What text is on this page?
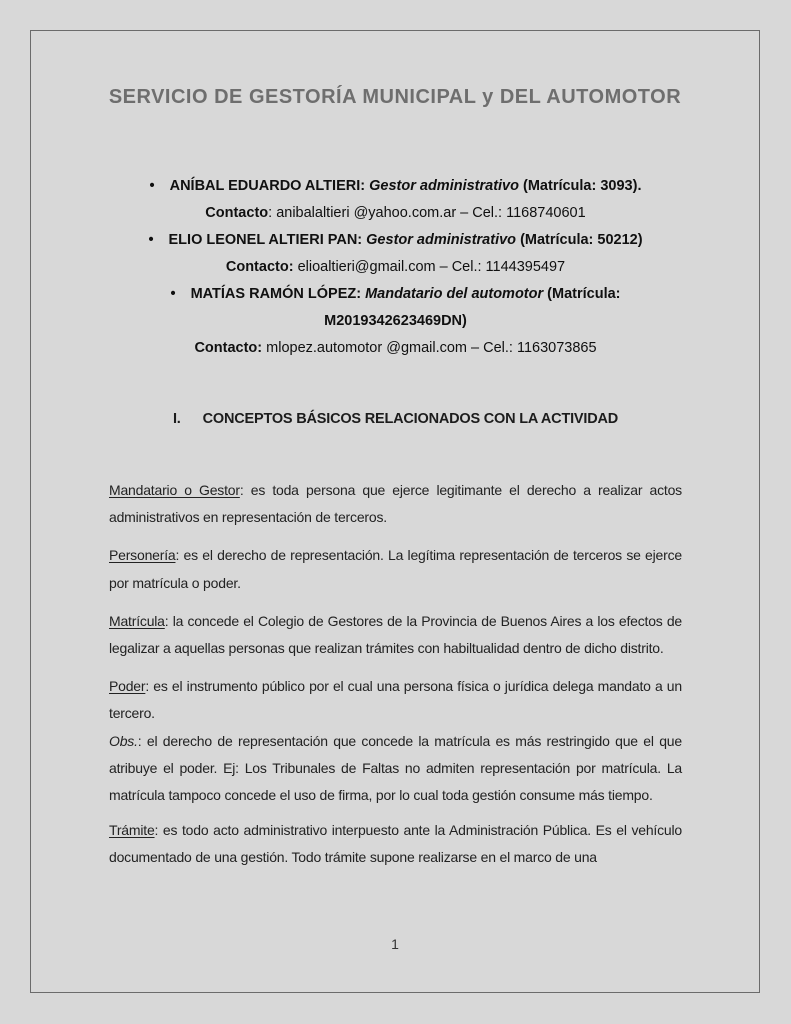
SERVICIO DE GESTORÍA MUNICIPAL y DEL AUTOMOTOR
• ANÍBAL EDUARDO ALTIERI: Gestor administrativo (Matrícula: 3093).
Contacto: anibalaltieri @yahoo.com.ar – Cel.: 1168740601
• ELIO LEONEL ALTIERI PAN: Gestor administrativo (Matrícula: 50212)
Contacto: elioaltieri@gmail.com – Cel.: 1144395497
• MATÍAS RAMÓN LÓPEZ: Mandatario del automotor (Matrícula:
M2019342623469DN)
Contacto: mlopez.automotor @gmail.com – Cel.: 1163073865
I. CONCEPTOS BÁSICOS RELACIONADOS CON LA ACTIVIDAD

Mandatario o Gestor: es toda persona que ejerce legitimante el derecho a realizar actos administrativos en representación de terceros.

Personería: es el derecho de representación. La legítima representación de terceros se ejerce por matrícula o poder.

Matrícula: la concede el Colegio de Gestores de la Provincia de Buenos Aires a los efectos de legalizar a aquellas personas que realizan trámites con habiltualidad dentro de dicho distrito.

Poder: es el instrumento público por el cual una persona física o jurídica delega mandato a un tercero.

Obs.: el derecho de representación que concede la matrícula es más restringido que el que atribuye el poder. Ej: Los Tribunales de Faltas no admiten representación por matrícula. La matrícula tampoco concede el uso de firma, por lo cual toda gestión consume más tiempo.

Trámite: es todo acto administrativo interpuesto ante la Administración Pública. Es el vehículo documentado de una gestión. Todo trámite supone realizarse en el marco de una

1
